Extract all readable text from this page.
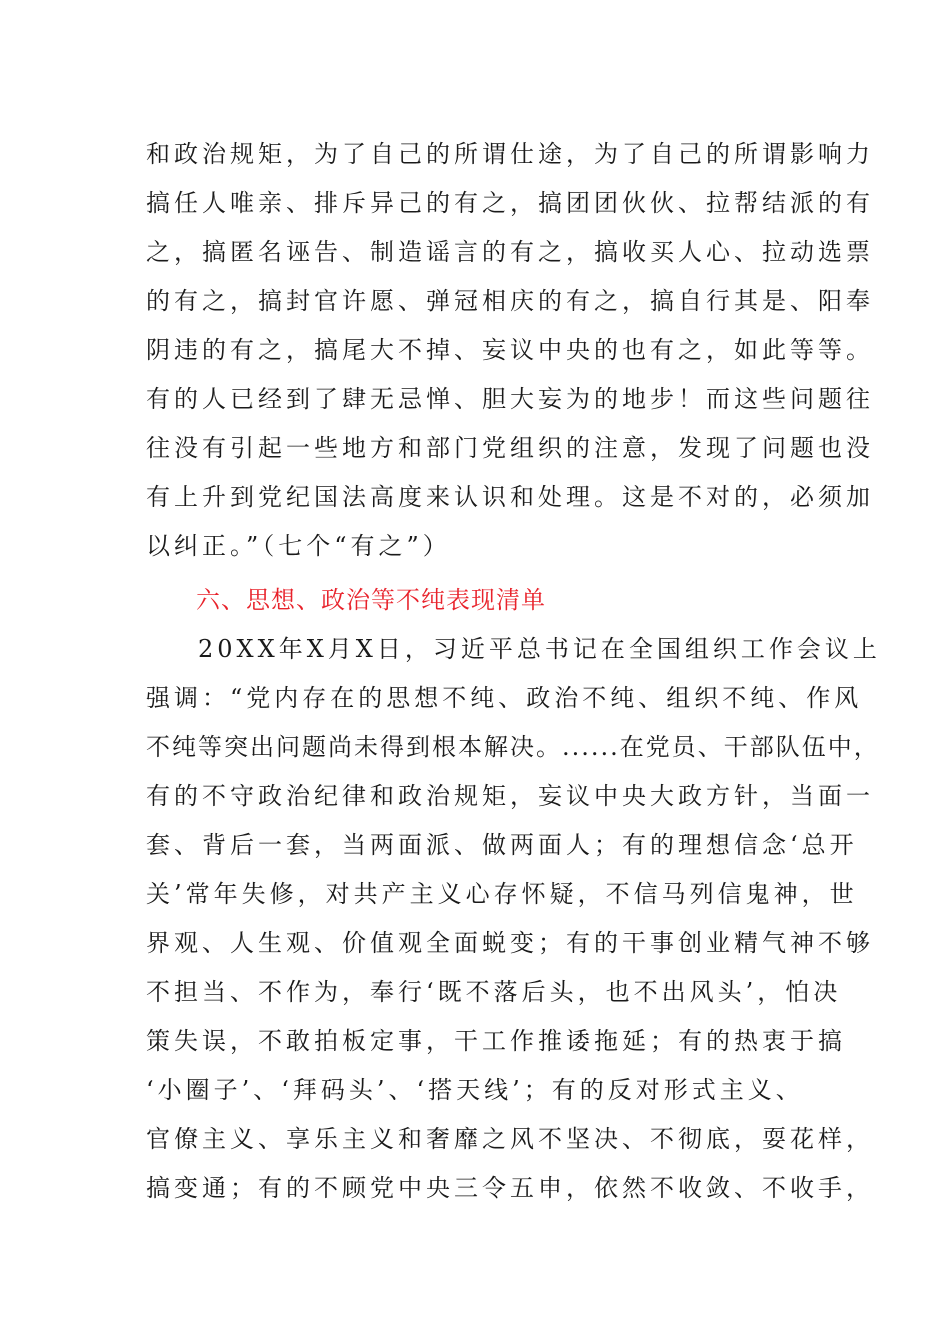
和政治规矩，为了自己的所谓仕途，为了自己的所谓影响力
搞任人唯亲、排斥异己的有之，搞团团伙伙、拉帮结派的有
之，搞匿名诬告、制造谣言的有之，搞收买人心、拉动选票
的有之，搞封官许愿、弹冠相庆的有之，搞自行其是、阳奉
阴违的有之，搞尾大不掉、妄议中央的也有之，如此等等。
有的人已经到了肆无忌惮、胆大妄为的地步！而这些问题往
往没有引起一些地方和部门党组织的注意，发现了问题也没
有上升到党纪国法高度来认识和处理。这是不对的，必须加
以纠正。”（七个“有之”）
六、思想、政治等不纯表现清单
20XX年X月X日，习近平总书记在全国组织工作会议上
强调：“党内存在的思想不纯、政治不纯、组织不纯、作风
不纯等突出问题尚未得到根本解决。......在党员、干部队伍中，
有的不守政治纪律和政治规矩，妄议中央大政方针，当面一
套、背后一套，当两面派、做两面人；有的理想信念‘总开
关’常年失修，对共产主义心存怀疑，不信马列信鬼神，世
界观、人生观、价值观全面蜕变；有的干事创业精气神不够
不担当、不作为，奉行‘既不落后头，也不出风头’，怕决
策失误，不敢拍板定事，干工作推诿拖延；有的热衷于搞
‘小圈子’、‘拜码头’、‘搭天线’；有的反对形式主义、
官僚主义、享乐主义和奢靡之风不坚决、不彻底，耍花样，
搞变通；有的不顾党中央三令五申，依然不收敛、不收手，
